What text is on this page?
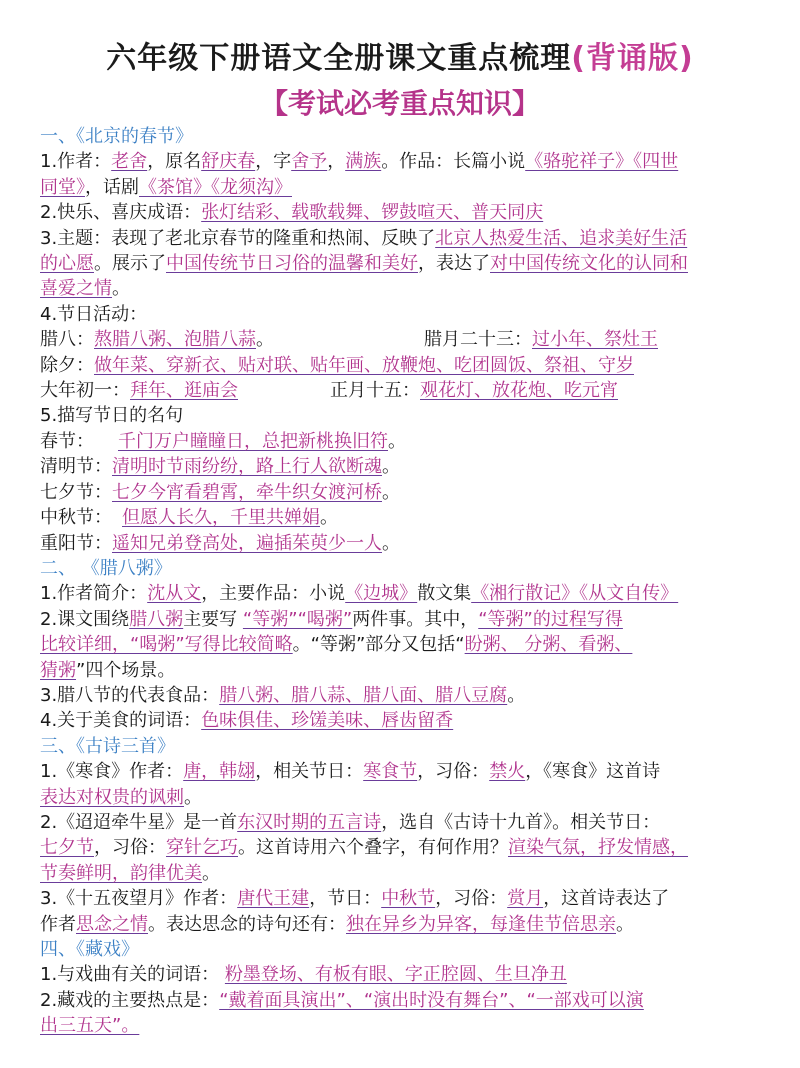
六年级下册语文全册课文重点梳理(背诵版)
【考试必考重点知识】
一、《北京的春节》
1.作者：老舍，原名舒庆春，字舍予，满族。作品：长篇小说《骆驼祥子》《四世
同堂》，话剧《茶馆》《龙须沟》
2.快乐、喜庆成语：张灯结彩、载歌载舞、锣鼓喧天、普天同庆
3.主题：表现了老北京春节的隆重和热闹、反映了北京人热爱生活、追求美好生活
的心愿。展示了中国传统节日习俗的温馨和美好，表达了对中国传统文化的认同和
喜爱之情。
4.节日活动：
腊八：熬腊八粥、泡腊八蒜。	腊月二十三：过小年、祭灶王
除夕：做年菜、穿新衣、贴对联、贴年画、放鞭炮、吃团圆饭、祭祖、守岁
大年初一：拜年、逛庙会	正月十五：观花灯、放花炮、吃元宵
5.描写节日的名句
春节： 千门万户瞳瞳日，总把新桃换旧符。
清明节：清明时节雨纷纷，路上行人欲断魂。
七夕节：七夕今宵看碧霄，牵牛织女渡河桥。
中秋节： 但愿人长久，千里共婵娟。
重阳节：遥知兄弟登高处，遍插茱萸少一人。
二、 《腊八粥》
1.作者简介：沈从文，主要作品：小说《边城》散文集《湘行散记》《从文自传》
2.课文围绕腊八粥主要写 “等粥”“喝粥”两件事。其中，“等粥”的过程写得
比较详细，“喝粥”写得比较简略。“等粥”部分又包括“盼粥、 分粥、看粥、
猜粥”四个场景。
3.腊八节的代表食品：腊八粥、腊八蒜、腊八面、腊八豆腐。
4.关于美食的词语：色味俱佳、珍馐美味、唇齿留香
三、《古诗三首》
1.《寒食》作者：唐，韩翃，相关节日：寒食节，习俗：禁火，《寒食》这首诗
表达对权贵的讽刺。
2.《迢迢牵牛星》是一首东汉时期的五言诗，选自《古诗十九首》。相关节日：
七夕节，习俗：穿针乞巧。这首诗用六个叠字，有何作用？渲染气氛，抒发情感，
节奏鲜明，韵律优美。
3.《十五夜望月》作者：唐代王建，节日：中秋节，习俗：赏月，这首诗表达了
作者思念之情。表达思念的诗句还有：独在异乡为异客，每逢佳节倍思亲。
四、《藏戏》
1.与戏曲有关的词语： 粉墨登场、有板有眼、字正腔圆、生旦净丑
2.藏戏的主要热点是：“戴着面具演出”、“演出时没有舞台”、“一部戏可以演
出三五天”。
